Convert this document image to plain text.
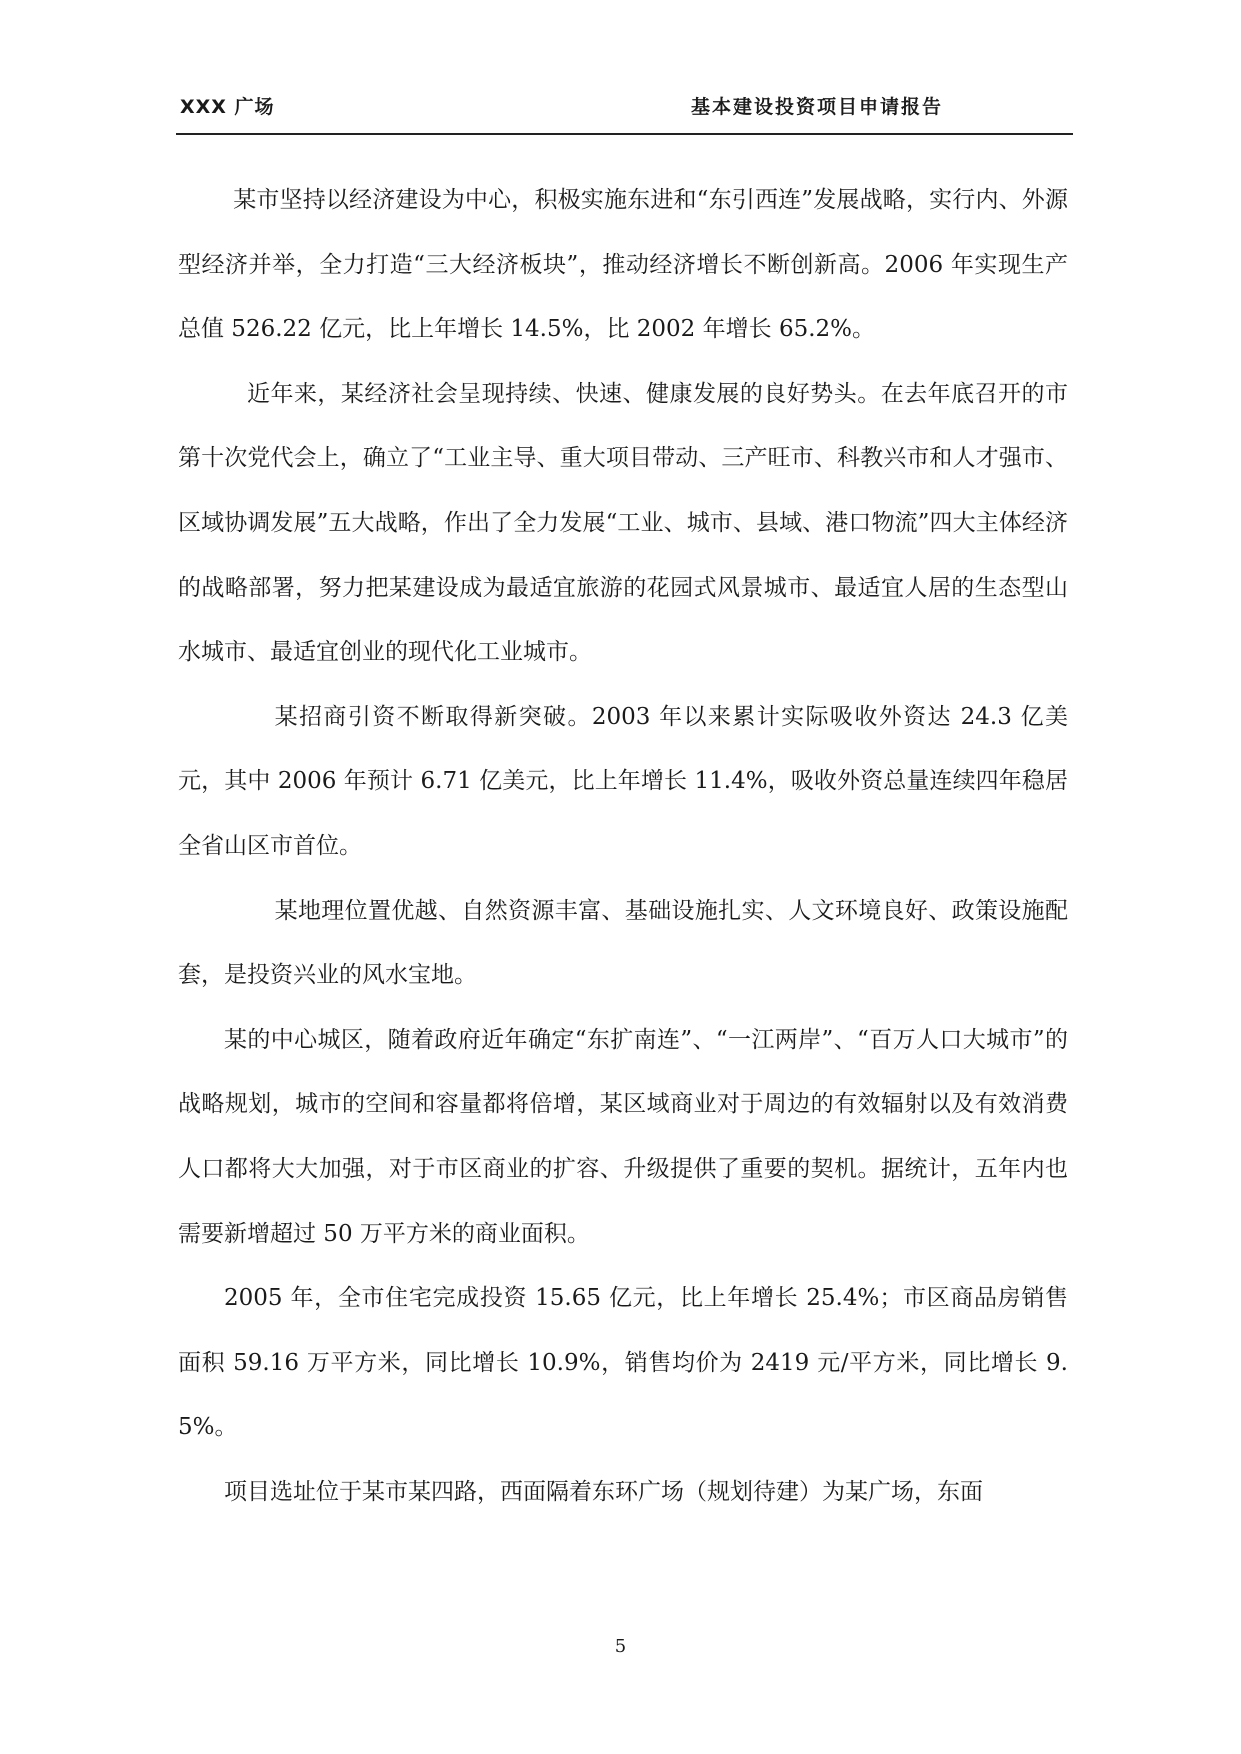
XXX 广场	基本建设投资项目申请报告

某市坚持以经济建设为中心，积极实施东进和“东引西连”发展战略，实行内、外源型经济并举，全力打造“三大经济板块”，推动经济增长不断创新高。2006 年实现生产总值 526.22 亿元，比上年增长 14.5%，比 2002 年增长 65.2%。

近年来，某经济社会呈现持续、快速、健康发展的良好势头。在去年底召开的市第十次党代会上，确立了“工业主导、重大项目带动、三产旺市、科教兴市和人才强市、区域协调发展”五大战略，作出了全力发展“工业、城市、县域、港口物流”四大主体经济的战略部署，努力把某建设成为最适宜旅游的花园式风景城市、最适宜人居的生态型山水城市、最适宜创业的现代化工业城市。

某招商引资不断取得新突破。2003 年以来累计实际吸收外资达 24.3 亿美元，其中 2006 年预计 6.71 亿美元，比上年增长 11.4%，吸收外资总量连续四年稳居全省山区市首位。

某地理位置优越、自然资源丰富、基础设施扎实、人文环境良好、政策设施配套，是投资兴业的风水宝地。

某的中心城区，随着政府近年确定“东扩南连”、“一江两岸”、“百万人口大城市”的战略规划，城市的空间和容量都将倍增，某区域商业对于周边的有效辐射以及有效消费人口都将大大加强，对于市区商业的扩容、升级提供了重要的契机。据统计，五年内也需要新增超过 50 万平方米的商业面积。

2005 年，全市住宅完成投资 15.65 亿元，比上年增长 25.4%；市区商品房销售面积 59.16 万平方米，同比增长 10.9%，销售均价为 2419 元/平方米，同比增长 9.5%。

项目选址位于某市某四路，西面隔着东环广场（规划待建）为某广场，东面

5
